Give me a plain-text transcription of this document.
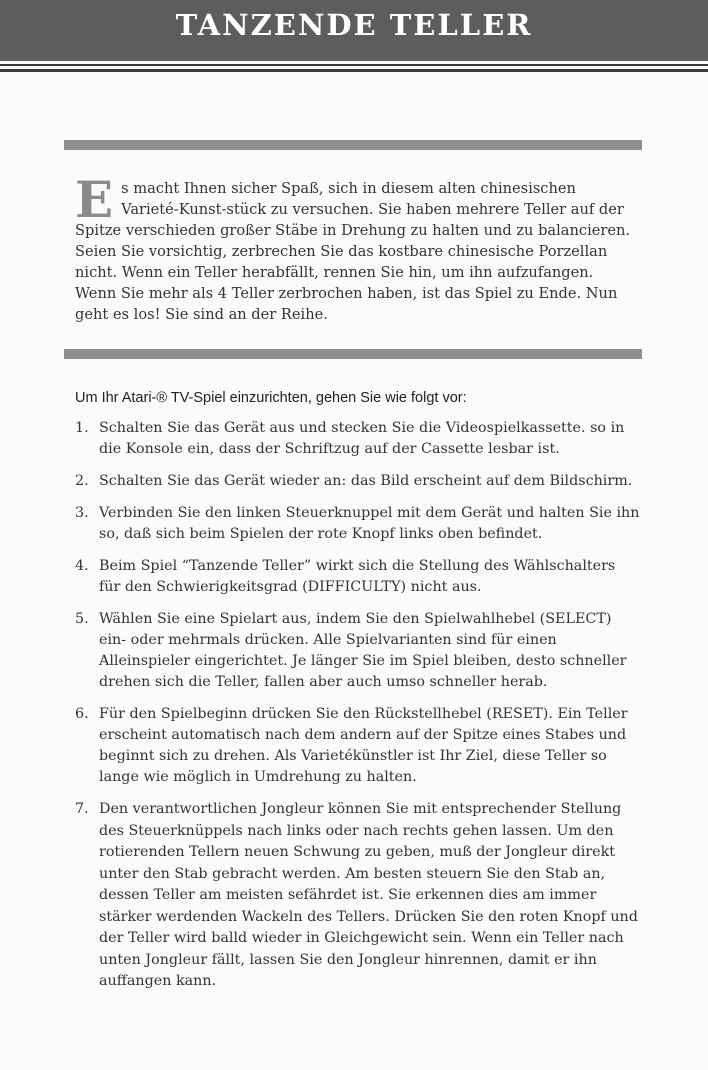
TANZENDE TELLER
E s macht Ihnen sicher Spaß, sich in diesem alten chinesischen Varieté-Kunst-stück zu versuchen. Sie haben mehrere Teller auf der Spitze verschieden großer Stäbe in Drehung zu halten und zu balancieren. Seien Sie vorsichtig, zerbrechen Sie das kostbare chinesische Porzellan nicht. Wenn ein Teller herabfällt, rennen Sie hin, um ihn aufzufangen. Wenn Sie mehr als 4 Teller zerbrochen haben, ist das Spiel zu Ende. Nun geht es los! Sie sind an der Reihe.
Um Ihr Atari-® TV-Spiel einzurichten, gehen Sie wie folgt vor:
1. Schalten Sie das Gerät aus und stecken Sie die Videospielkassette. so in die Konsole ein, dass der Schriftzug auf der Cassette lesbar ist.
2. Schalten Sie das Gerät wieder an: das Bild erscheint auf dem Bildschirm.
3. Verbinden Sie den linken Steuerknuppel mit dem Gerät und halten Sie ihn so, daß sich beim Spielen der rote Knopf links oben befindet.
4. Beim Spiel “Tanzende Teller” wirkt sich die Stellung des Wählschalters für den Schwierigkeitsgrad (DIFFICULTY) nicht aus.
5. Wählen Sie eine Spielart aus, indem Sie den Spielwahlhebel (SELECT) ein- oder mehrmals drücken. Alle Spielvarianten sind für einen Alleinspieler eingerichtet. Je länger Sie im Spiel bleiben, desto schneller drehen sich die Teller, fallen aber auch umso schneller herab.
6. Für den Spielbeginn drücken Sie den Rückstellhebel (RESET). Ein Teller erscheint automatisch nach dem andern auf der Spitze eines Stabes und beginnt sich zu drehen. Als Varietékünstler ist Ihr Ziel, diese Teller so lange wie möglich in Umdrehung zu halten.
7. Den verantwortlichen Jongleur können Sie mit entsprechender Stellung des Steuerknüppels nach links oder nach rechts gehen lassen. Um den rotierenden Tellern neuen Schwung zu geben, muß der Jongleur direkt unter den Stab gebracht werden. Am besten steuern Sie den Stab an, dessen Teller am meisten sefährdet ist. Sie erkennen dies am immer stärker werdenden Wackeln des Tellers. Drücken Sie den roten Knopf und der Teller wird balld wieder in Gleichgewicht sein. Wenn ein Teller nach unten Jongleur fällt, lassen Sie den Jongleur hinrennen, damit er ihn auffangen kann.
